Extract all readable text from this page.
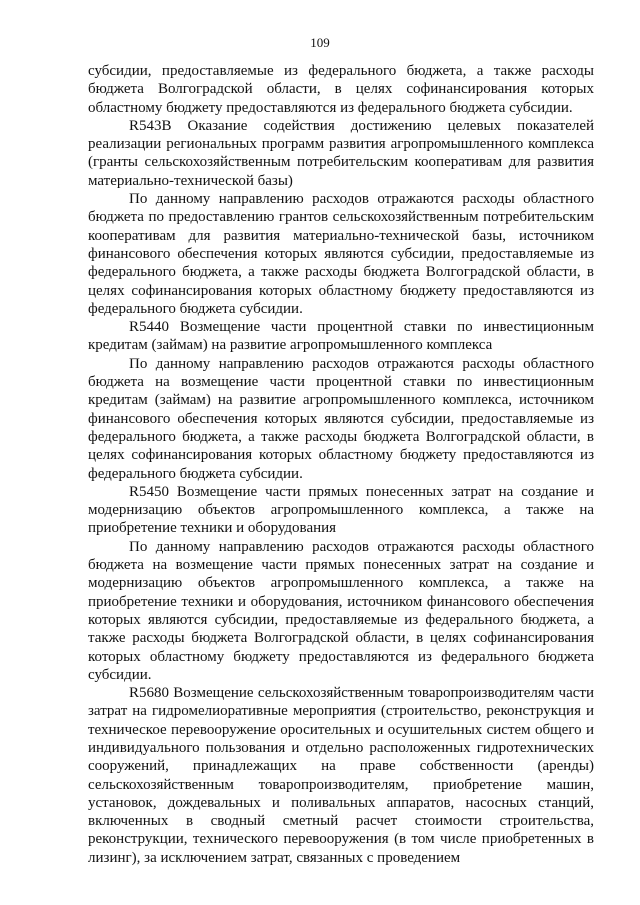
109

субсидии, предоставляемые из федерального бюджета, а также расходы бюджета Волгоградской области, в целях софинансирования которых областному бюджету предоставляются из федерального бюджета субсидии.

R543B Оказание содействия достижению целевых показателей реализации региональных программ развития агропромышленного комплекса (гранты сельскохозяйственным потребительским кооперативам для развития материально-технической базы)

По данному направлению расходов отражаются расходы областного бюджета по предоставлению грантов сельскохозяйственным потребительским кооперативам для развития материально-технической базы, источником финансового обеспечения которых являются субсидии, предоставляемые из федерального бюджета, а также расходы бюджета Волгоградской области, в целях софинансирования которых областному бюджету предоставляются из федерального бюджета субсидии.

R5440 Возмещение части процентной ставки по инвестиционным кредитам (займам) на развитие агропромышленного комплекса

По данному направлению расходов отражаются расходы областного бюджета на возмещение части процентной ставки по инвестиционным кредитам (займам) на развитие агропромышленного комплекса, источником финансового обеспечения которых являются субсидии, предоставляемые из федерального бюджета, а также расходы бюджета Волгоградской области, в целях софинансирования которых областному бюджету предоставляются из федерального бюджета субсидии.

R5450 Возмещение части прямых понесенных затрат на создание и модернизацию объектов агропромышленного комплекса, а также на приобретение техники и оборудования

По данному направлению расходов отражаются расходы областного бюджета на возмещение части прямых понесенных затрат на создание и модернизацию объектов агропромышленного комплекса, а также на приобретение техники и оборудования, источником финансового обеспечения которых являются субсидии, предоставляемые из федерального бюджета, а также расходы бюджета Волгоградской области, в целях софинансирования которых областному бюджету предоставляются из федерального бюджета субсидии.

R5680 Возмещение сельскохозяйственным товаропроизводителям части затрат на гидромелиоративные мероприятия (строительство, реконструкция и техническое перевооружение оросительных и осушительных систем общего и индивидуального пользования и отдельно расположенных гидротехнических сооружений, принадлежащих на праве собственности (аренды) сельскохозяйственным товаропроизводителям, приобретение машин, установок, дождевальных и поливальных аппаратов, насосных станций, включенных в сводный сметный расчет стоимости строительства, реконструкции, технического перевооружения (в том числе приобретенных в лизинг), за исключением затрат, связанных с проведением
